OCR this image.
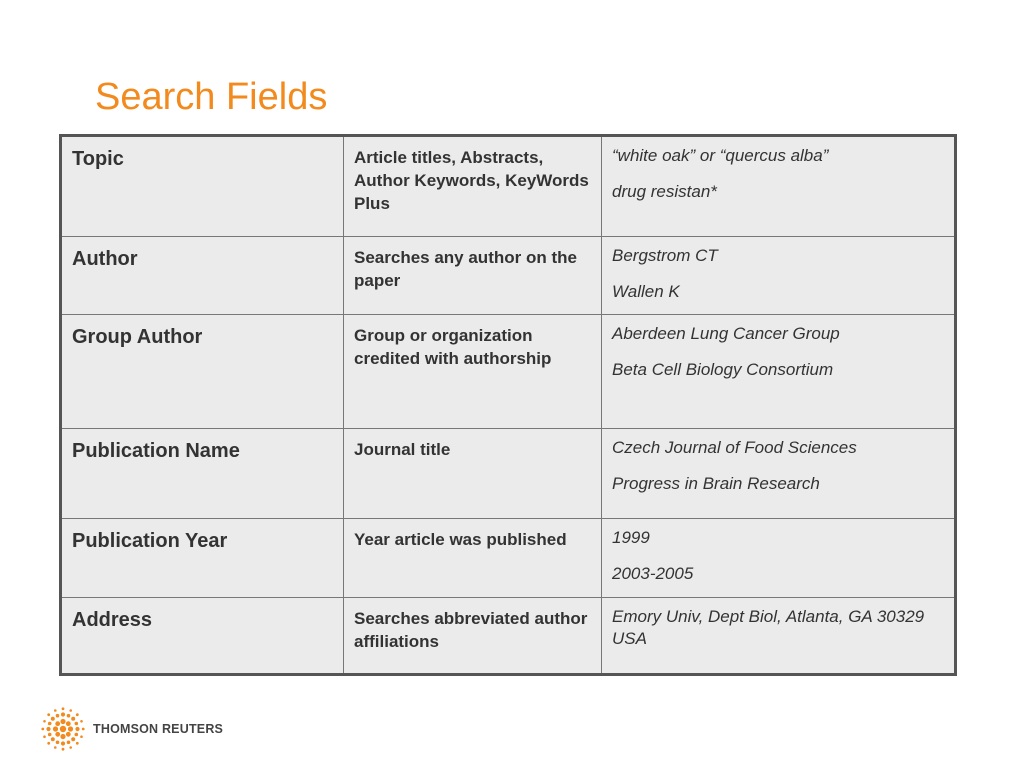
Search Fields
Topic	Article titles, Abstracts, Author Keywords, KeyWords Plus	“white oak” or “quercus alba”
drug resistan*

Author	Searches any author on the paper	Bergstrom CT
Wallen K

Group Author	Group or organization credited with authorship	Aberdeen Lung Cancer Group
Beta Cell Biology Consortium

Publication Name	Journal title	Czech Journal of Food Sciences
Progress in Brain Research

Publication Year	Year article was published	1999
2003-2005

Address	Searches abbreviated author affiliations	Emory Univ, Dept Biol, Atlanta, GA 30329 USA
THOMSON REUTERS
